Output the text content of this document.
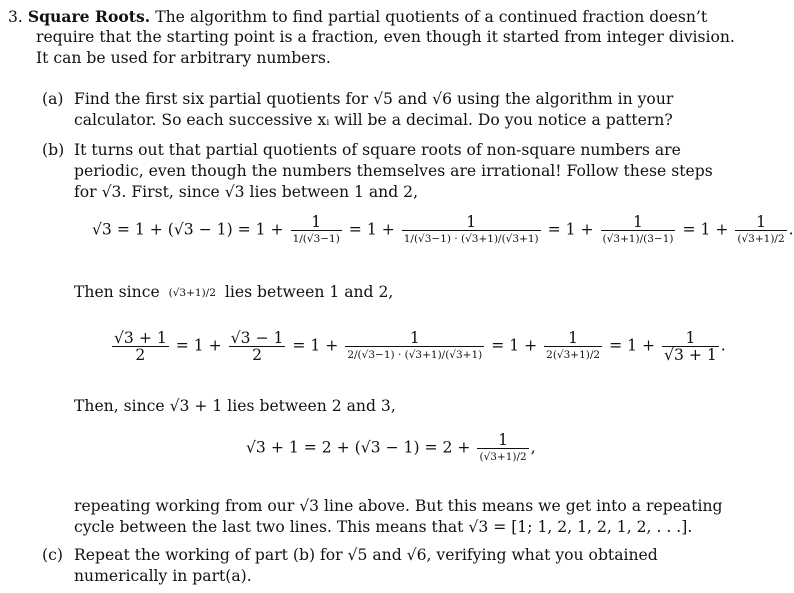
3. Square Roots. The algorithm to find partial quotients of a continued fraction doesn’t
require that the starting point is a fraction, even though it started from integer division.
It can be used for arbitrary numbers.
(a) Find the first six partial quotients for √5 and √6 using the algorithm in your
calculator. So each successive xᵢ will be a decimal. Do you notice a pattern?
(b) It turns out that partial quotients of square roots of non-square numbers are
periodic, even though the numbers themselves are irrational! Follow these steps
for √3. First, since √3 lies between 1 and 2,
$√3 = 1 + (√3 - 1) = 1 + \frac{1}{1/(√3-1)} = 1 + \frac{1}{1/(√3-1) \cdot (√3+1)/(√3+1)} = 1 + \frac{1}{(√3+1)/(3-1)} = 1 + \frac{1}{(√3+1)/2}$ .
Then since (√3+1)/2 lies between 1 and 2,
$\frac{√3 + 1}{2} = 1 + \frac{√3 - 1}{2} = 1 + \frac{1}{2/(√3-1) \cdot (√3+1)/(√3+1)} = 1 + \frac{1}{2(√3+1)/2} = 1 + \frac{1}{√3 + 1}$ .
Then, since √3 + 1 lies between 2 and 3,
$√3 + 1 = 2 + (√3 - 1) = 2 + \frac{1}{(√3+1)/2}$ ,
repeating working from our √3 line above. But this means we get into a repeating
cycle between the last two lines. This means that √3 = [1; 1, 2, 1, 2, 1, 2, . . .].
(c) Repeat the working of part (b) for √5 and √6, verifying what you obtained
numerically in part(a).
